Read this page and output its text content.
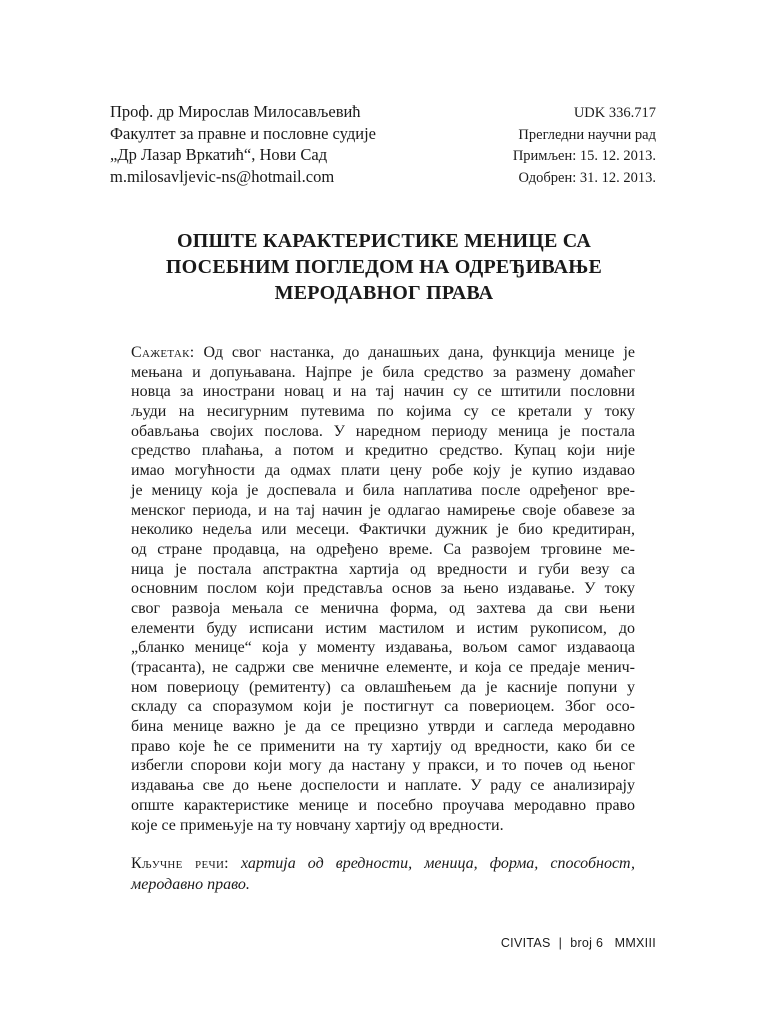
Проф. др Мирослав Милосављевић
Факултет за правне и пословне судије
„Др Лазар Вркатић“, Нови Сад
m.milosavljevic-ns@hotmail.com
UDK 336.717
Прегледни научни рад
Примљен: 15. 12. 2013.
Одобрен: 31. 12. 2013.
ОПШТЕ КАРАКТЕРИСТИКЕ МЕНИЦЕ СА
ПОСЕБНИМ ПОГЛЕДОМ НА ОДРЕЂИВАЊЕ
МЕРОДАВНОГ ПРАВА
Сажетак: Од свог настанка, до данашњих дана, функција менице је
мењана и допуњавана. Најпре је била средство за размену домаћег
новца за инострани новац и на тај начин су се штитили пословни
људи на несигурним путевима по којима су се кретали у току
обављања својих послова. У наредном периоду меница је постала
средство плаћања, а потом и кредитно средство. Купац који није
имао могућности да одмах плати цену робе коју је купио издавао
је меницу која је доспевала и била наплатива после одређеног вре-
менског периода, и на тај начин је одлагао намирење своје обавезе за
неколико недеља или месеци. Фактички дужник је био кредитиран,
од стране продавца, на одређено време. Са развојем трговине ме-
ница је постала апстрактна хартија од вредности и губи везу са
основним послом који представља основ за њено издавање. У току
свог развоја мењала се менична форма, од захтева да сви њени
елементи буду исписани истим мастилом и истим рукописом, до
„бланко менице“ која у моменту издавања, вољом самог издаваоца
(трасанта), не садржи све меничне елементе, и која се предаје менич-
ном повериоцу (ремитенту) са овлашћењем да је касније попуни у
складу са споразумом који је постигнут са повериоцем. Због осо-
бина менице важно је да се прецизно утврди и сагледа меродавно
право које ће се применити на ту хартију од вредности, како би се
избегли спорови који могу да настану у пракси, и то почев од њеног
издавања све до њене доспелости и наплате. У раду се анализирају
опште карактеристике менице и посебно проучава меродавно право
које се примењује на ту новчану хартију од вредности.
Кључне речи: хартија од вредности, меница, форма, способност,
меродавно право.
CIVITAS | broj 6 MMXIII
